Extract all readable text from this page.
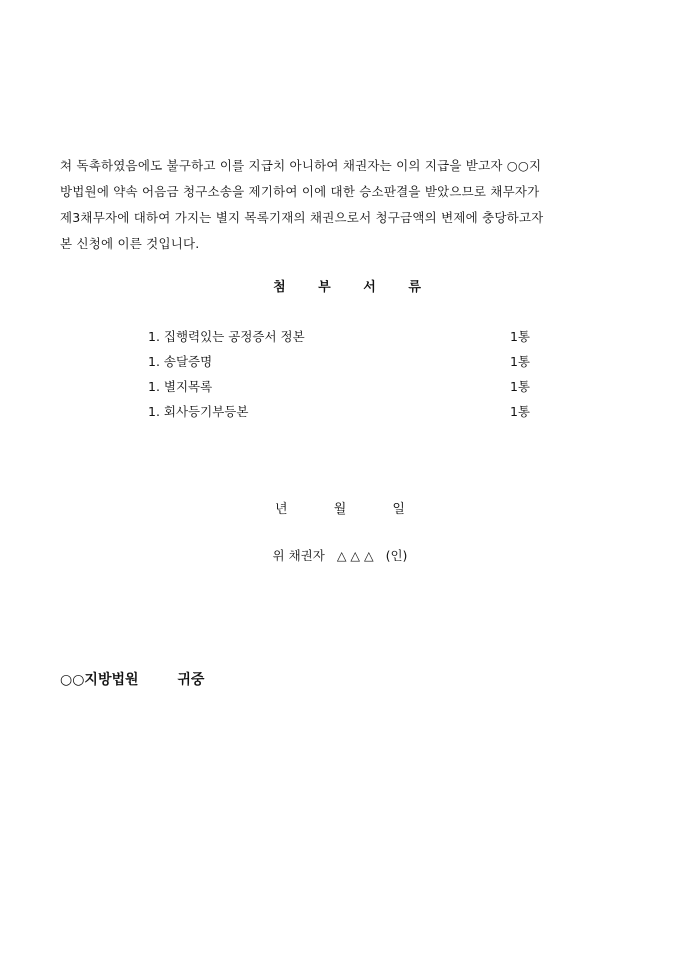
쳐 독촉하였음에도 불구하고 이를 지급치 아니하여 채권자는 이의 지급을 받고자 ○○지
방법원에 약속 어음금 청구소송을 제기하여 이에 대한 승소판결을 받았으므로 채무자가
제3채무자에 대하여 가지는 별지 목록기재의 채권으로서 청구금액의 변제에 충당하고자
본 신청에 이른 것입니다.
첨 부 서 류
1. 집행력있는 공정증서 정본	1통
1. 송달증명	1통
1. 별지목록	1통
1. 회사등기부등본	1통
년	월	일
위 채권자 △ △ △ (인)
○○지방법원	귀중
